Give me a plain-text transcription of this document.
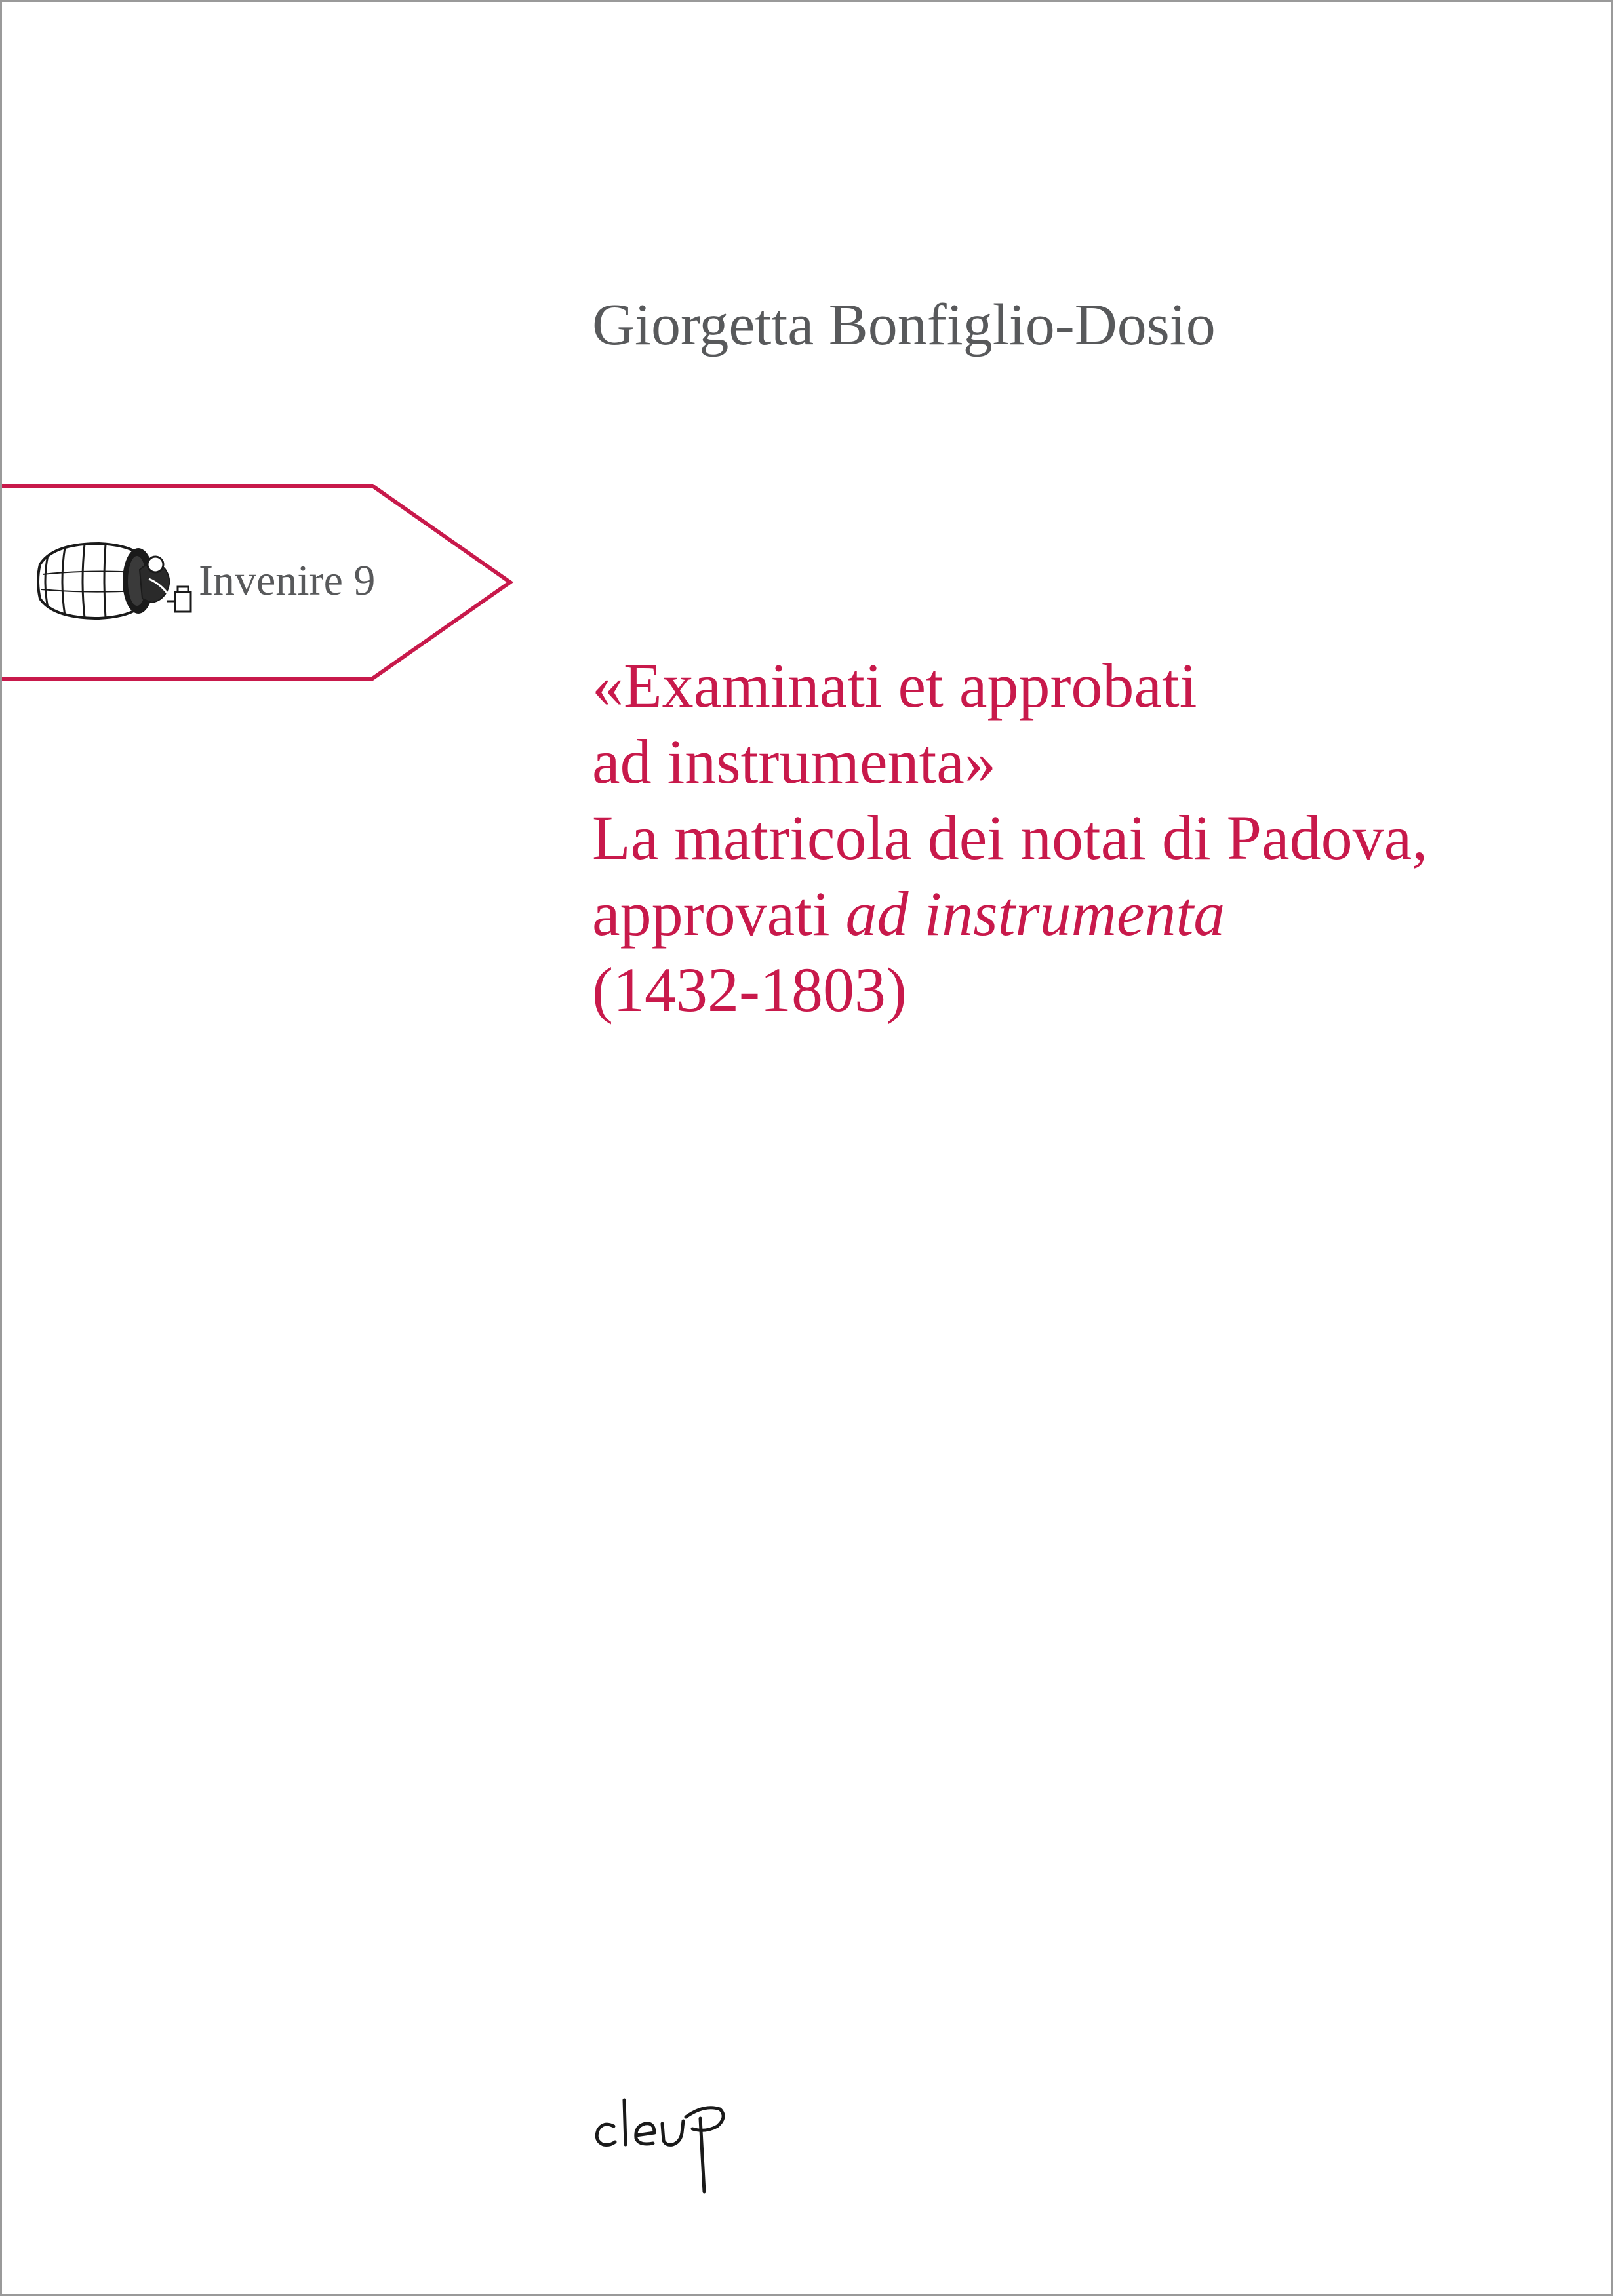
Giorgetta Bonfiglio-Dosio
Invenire 9
«Examinati et approbati
ad instrumenta»
La matricola dei notai di Padova,
approvati ad instrumenta
(1432-1803)
